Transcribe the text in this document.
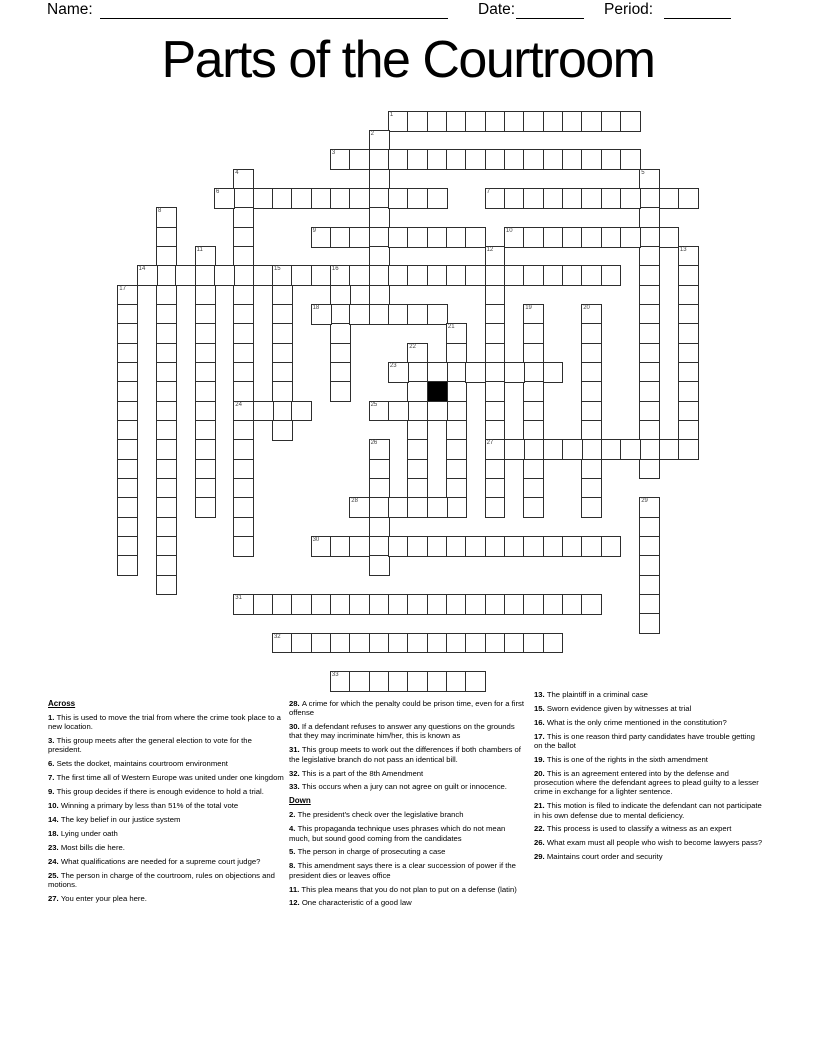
Name:	Date:	Period:
Parts of the Courtroom
1
2
3
4
24
5
6	7
8
9	10
11	12
27
13
14	15	16
17
18	19	20
21
22
23
25
26
28	29
30
31
32
33
Across

1. This is used to move the trial from where the crime took place to a new location.

3. This group meets after the general election to vote for the president.

6. Sets the docket, maintains courtroom environment

7. The first time all of Western Europe was united under one kingdom

9. This group decides if there is enough evidence to hold a trial.

10. Winning a primary by less than 51% of the total vote

14. The key belief in our justice system

18. Lying under oath

23. Most bills die here.

24. What qualifications are needed for a supreme court judge?

25. The person in charge of the courtroom, rules on objections and motions.

27. You enter your plea here.

28. A crime for which the penalty could be prison time, even for a first offense

30. If a defendant refuses to answer any questions on the grounds that they may incriminate him/her, this is known as

31. This group meets to work out the differences if both chambers of the legislative branch do not pass an identical bill.

32. This is a part of the 8th Amendment

33. This occurs when a jury can not agree on guilt or innocence.

Down

2. The president's check over the legislative branch

4. This propaganda technique uses phrases which do not mean much, but sound good coming from the candidates

5. The person in charge of prosecuting a case

8. This amendment says there is a clear succession of power if the president dies or leaves office

11. This plea means that you do not plan to put on a defense (latin)

12. One characteristic of a good law

13. The plaintiff in a criminal case

15. Sworn evidence given by witnesses at trial

16. What is the only crime mentioned in the constitution?

17. This is one reason third party candidates have trouble getting on the ballot

19. This is one of the rights in the sixth amendment

20. This is an agreement entered into by the defense and prosecution where the defendant agrees to plead guilty to a lesser crime in exchange for a lighter sentence.

21. This motion is filed to indicate the defendant can not participate in his own defense due to mental deficiency.

22. This process is used to classify a witness as an expert

26. What exam must all people who wish to become lawyers pass?

29. Maintains court order and security
